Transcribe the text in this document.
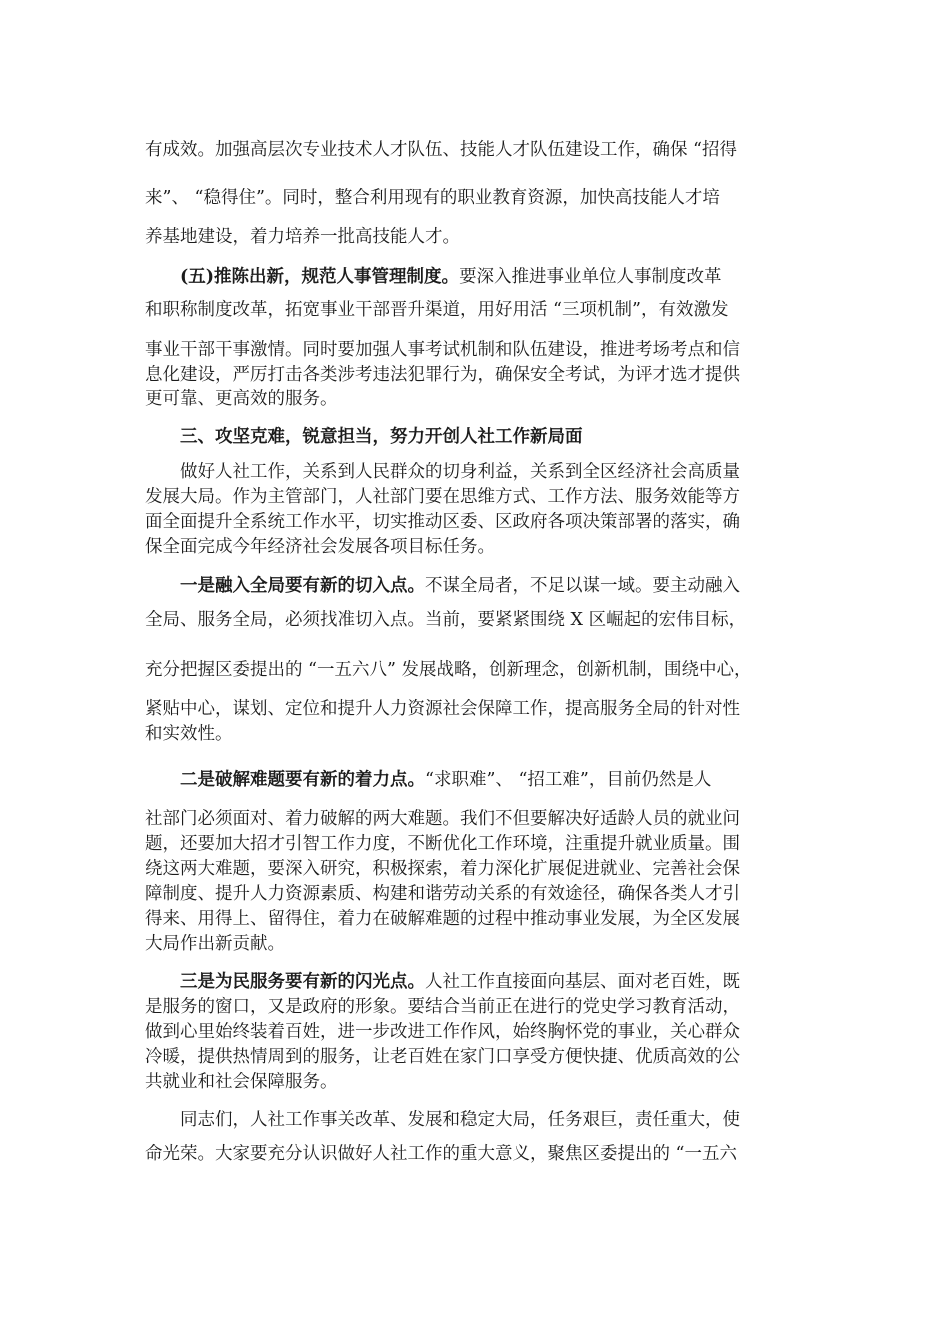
有成效。加强高层次专业技术人才队伍、技能人才队伍建设工作，确保 “招得
来”、 “稳得住”。同时，整合利用现有的职业教育资源，加快高技能人才培
养基地建设，着力培养一批高技能人才。
(五)推陈出新，规范人事管理制度。要深入推进事业单位人事制度改革
和职称制度改革，拓宽事业干部晋升渠道，用好用活 “三项机制”，有效激发
事业干部干事激情。同时要加强人事考试机制和队伍建设，推进考场考点和信
息化建设，严厉打击各类涉考违法犯罪行为，确保安全考试，为评才选才提供
更可靠、更高效的服务。
三、攻坚克难，锐意担当，努力开创人社工作新局面
做好人社工作，关系到人民群众的切身利益，关系到全区经济社会高质量
发展大局。作为主管部门，人社部门要在思维方式、工作方法、服务效能等方
面全面提升全系统工作水平，切实推动区委、区政府各项决策部署的落实，确
保全面完成今年经济社会发展各项目标任务。
一是融入全局要有新的切入点。不谋全局者，不足以谋一域。要主动融入
全局、服务全局，必须找准切入点。当前，要紧紧围绕 X 区崛起的宏伟目标，
充分把握区委提出的 “一五六八” 发展战略，创新理念，创新机制，围绕中心，
紧贴中心，谋划、定位和提升人力资源社会保障工作，提高服务全局的针对性
和实效性。
二是破解难题要有新的着力点。“求职难”、 “招工难”，目前仍然是人
社部门必须面对、着力破解的两大难题。我们不但要解决好适龄人员的就业问
题，还要加大招才引智工作力度，不断优化工作环境，注重提升就业质量。围
绕这两大难题，要深入研究，积极探索，着力深化扩展促进就业、完善社会保
障制度、提升人力资源素质、构建和谐劳动关系的有效途径，确保各类人才引
得来、用得上、留得住，着力在破解难题的过程中推动事业发展，为全区发展
大局作出新贡献。
三是为民服务要有新的闪光点。人社工作直接面向基层、面对老百姓，既
是服务的窗口，又是政府的形象。要结合当前正在进行的党史学习教育活动，
做到心里始终装着百姓，进一步改进工作作风，始终胸怀党的事业，关心群众
冷暖，提供热情周到的服务，让老百姓在家门口享受方便快捷、优质高效的公
共就业和社会保障服务。
同志们，人社工作事关改革、发展和稳定大局，任务艰巨，责任重大，使
命光荣。大家要充分认识做好人社工作的重大意义，聚焦区委提出的 “一五六
